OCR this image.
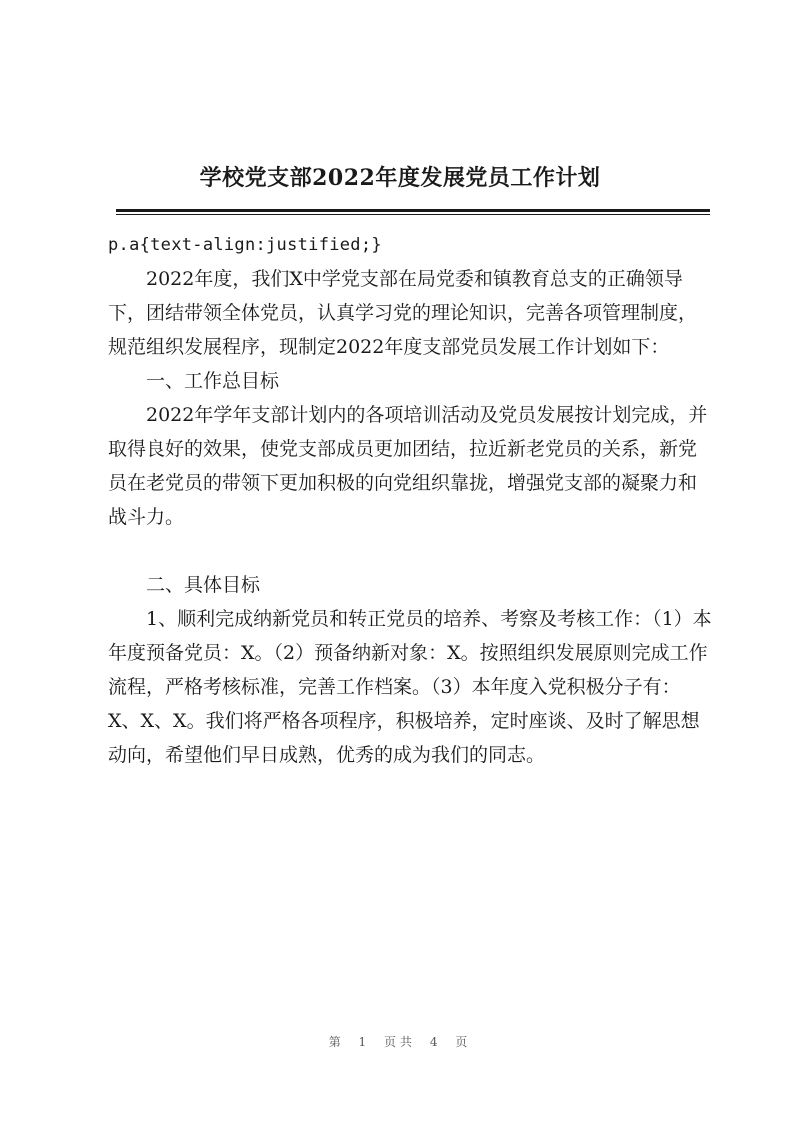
学校党支部2022年度发展党员工作计划

p.a{text-align:justified;}

2022年度，我们X中学党支部在局党委和镇教育总支的正确领导下，团结带领全体党员，认真学习党的理论知识，完善各项管理制度，规范组织发展程序，现制定2022年度支部党员发展工作计划如下：

一、工作总目标

2022年学年支部计划内的各项培训活动及党员发展按计划完成，并取得良好的效果，使党支部成员更加团结，拉近新老党员的关系，新党员在老党员的带领下更加积极的向党组织靠拢，增强党支部的凝聚力和战斗力。

二、具体目标

1、顺利完成纳新党员和转正党员的培养、考察及考核工作：（1）本年度预备党员：X。（2）预备纳新对象：X。按照组织发展原则完成工作流程，严格考核标准，完善工作档案。（3）本年度入党积极分子有：X、X、X。我们将严格各项程序，积极培养，定时座谈、及时了解思想动向，希望他们早日成熟，优秀的成为我们的同志。

第 1 页共 4 页
